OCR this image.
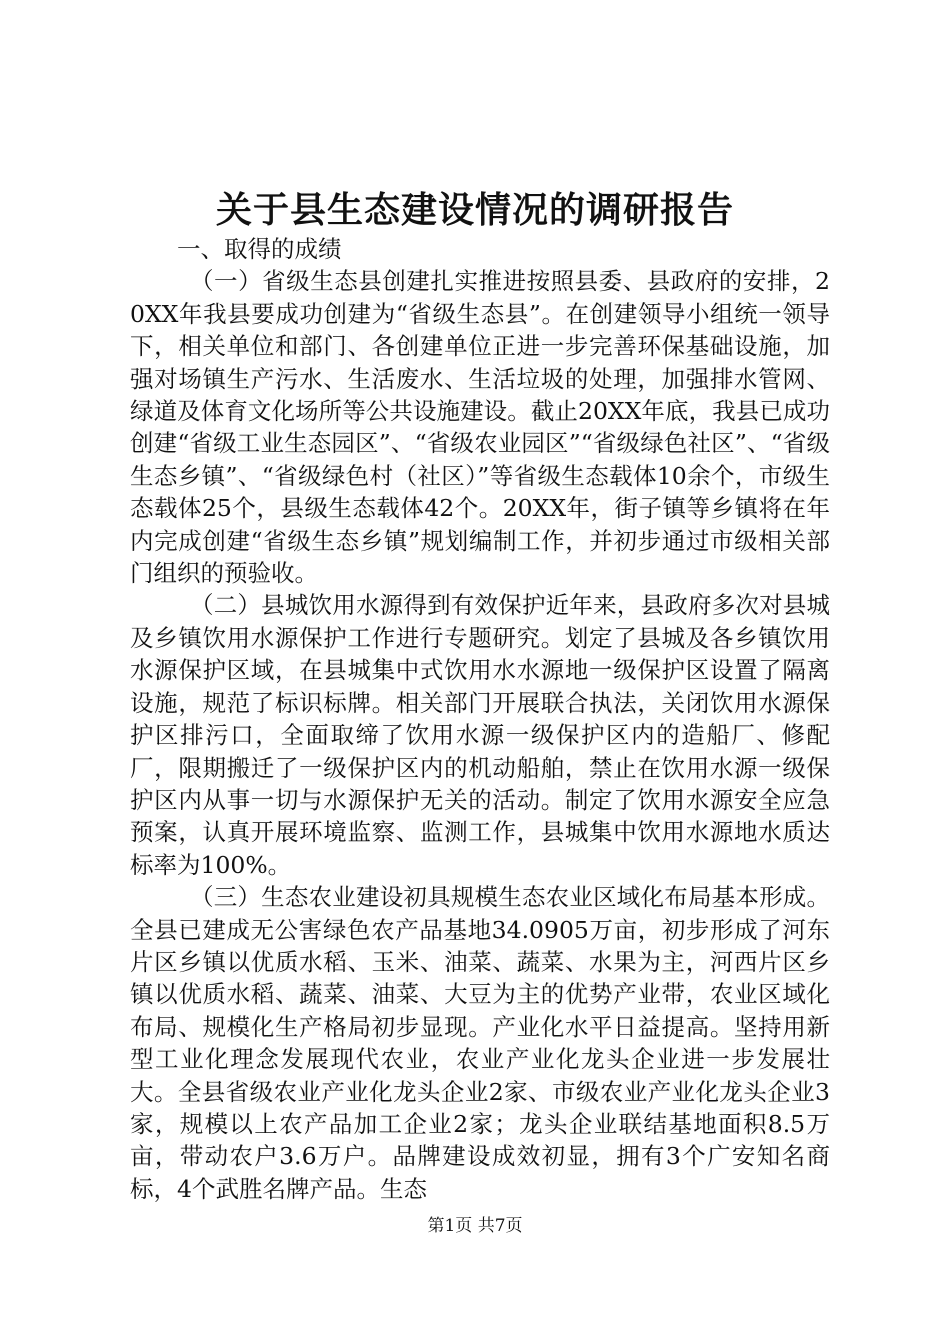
关于县生态建设情况的调研报告

一、取得的成绩

（一）省级生态县创建扎实推进按照县委、县政府的安排，20XX年我县要成功创建为“省级生态县”。在创建领导小组统一领导下，相关单位和部门、各创建单位正进一步完善环保基础设施，加强对场镇生产污水、生活废水、生活垃圾的处理，加强排水管网、绿道及体育文化场所等公共设施建设。截止20XX年底，我县已成功创建“省级工业生态园区”、“省级农业园区”“省级绿色社区”、“省级生态乡镇”、“省级绿色村（社区）”等省级生态载体10余个，市级生态载体25个，县级生态载体42个。20XX年，街子镇等乡镇将在年内完成创建“省级生态乡镇”规划编制工作，并初步通过市级相关部门组织的预验收。

（二）县城饮用水源得到有效保护近年来，县政府多次对县城及乡镇饮用水源保护工作进行专题研究。划定了县城及各乡镇饮用水源保护区域，在县城集中式饮用水水源地一级保护区设置了隔离设施，规范了标识标牌。相关部门开展联合执法，关闭饮用水源保护区排污口，全面取缔了饮用水源一级保护区内的造船厂、修配厂，限期搬迁了一级保护区内的机动船舶，禁止在饮用水源一级保护区内从事一切与水源保护无关的活动。制定了饮用水源安全应急预案，认真开展环境监察、监测工作，县城集中饮用水源地水质达标率为100%。

（三）生态农业建设初具规模生态农业区域化布局基本形成。全县已建成无公害绿色农产品基地34.0905万亩，初步形成了河东片区乡镇以优质水稻、玉米、油菜、蔬菜、水果为主，河西片区乡镇以优质水稻、蔬菜、油菜、大豆为主的优势产业带，农业区域化布局、规模化生产格局初步显现。产业化水平日益提高。坚持用新型工业化理念发展现代农业，农业产业化龙头企业进一步发展壮大。全县省级农业产业化龙头企业2家、市级农业产业化龙头企业3家，规模以上农产品加工企业2家；龙头企业联结基地面积8.5万亩，带动农户3.6万户。品牌建设成效初显，拥有3个广安知名商标，4个武胜名牌产品。生态

第1页 共7页
